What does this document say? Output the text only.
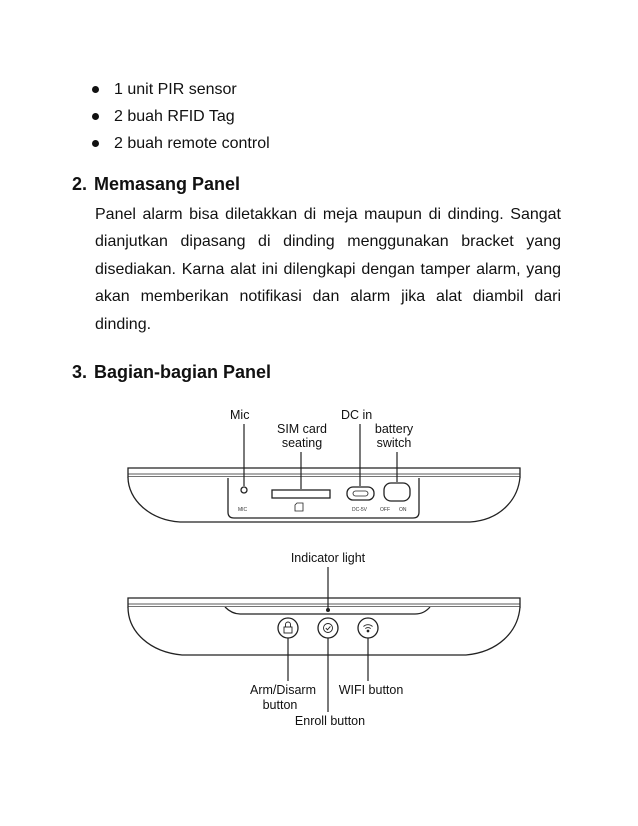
1 unit PIR sensor
2 buah RFID Tag
2 buah remote control
2. Memasang Panel

Panel alarm bisa diletakkan di meja maupun di dinding. Sangat dianjutkan dipasang di dinding menggunakan bracket yang disediakan. Karna alat ini dilengkapi dengan tamper alarm, yang akan memberikan notifikasi dan alarm jika alat diambil dari dinding.

3. Bagian-bagian Panel
MIC	DC-5V	OFF ON
Mic
SIM card
seating
DC in
battery
switch
Indicator light
Arm/Disarm
button
Enroll button
WIFI button
